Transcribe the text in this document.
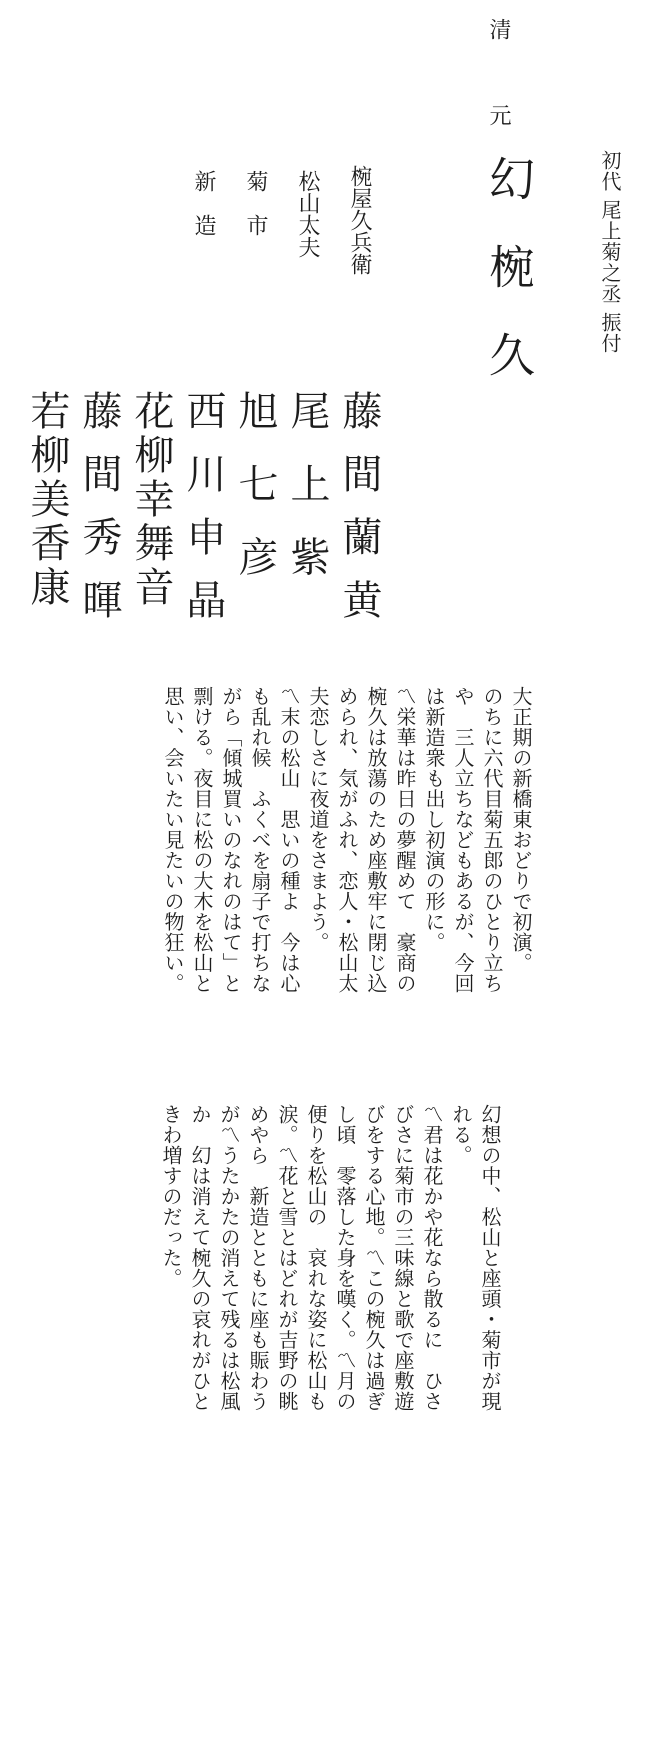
清
元
初代 尾上菊之丞 振付
幻椀久
椀屋久兵衛
藤間蘭黄
松山太夫
尾上紫
菊　市
旭七彦
新　造
西川申晶
花柳幸舞音
藤間秀暉
若柳美香康
大正期の新橋東おどりで初演。
のちに六代目菊五郎のひとり立ち
や　三人立ちなどもあるが、今回
は新造衆も出し初演の形に。
〽栄華は昨日の夢醒めて　豪商の
椀久は放蕩のため座敷牢に閉じ込
められ、気がふれ、恋人・松山太
夫恋しさに夜道をさまよう。
〽末の松山　思いの種よ　今は心
も乱れ候　ふくべを扇子で打ちな
がら「傾城買いのなれのはて」と
剽ける。夜目に松の大木を松山と
思い、会いたい見たいの物狂い。
幻想の中、松山と座頭・菊市が現
れる。
〽君は花かや花なら散るに　ひさ
びさに菊市の三味線と歌で座敷遊
びをする心地。〽この椀久は過ぎ
し頃　零落した身を嘆く。〽月の
便りを松山の　哀れな姿に松山も
涙。〽花と雪とはどれが吉野の眺
めやら　新造とともに座も賑わう
が〽うたかたの消えて残るは松風
か　幻は消えて椀久の哀れがひと
きわ増すのだった。
